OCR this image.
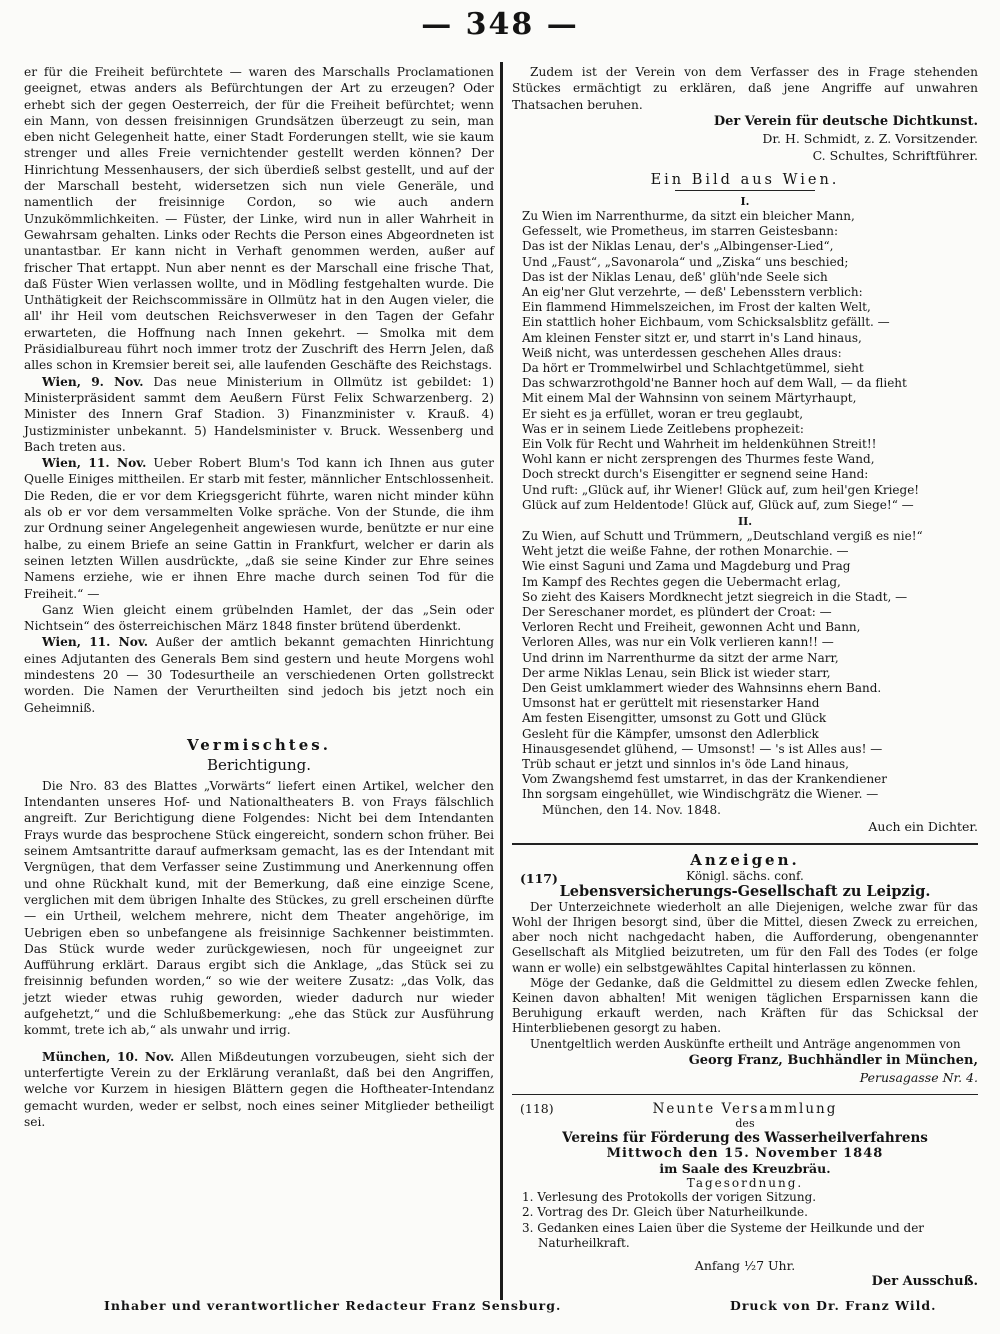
— 348 —

er für die Freiheit befürchtete — waren des Marschalls Proclamationen geeignet, etwas anders als Befürchtungen der Art zu erzeugen? Oder erhebt sich der gegen Oesterreich, der für die Freiheit befürchtet; wenn ein Mann, von dessen freisinnigen Grundsätzen überzeugt zu sein, man eben nicht Gelegenheit hatte, einer Stadt Forderungen stellt, wie sie kaum strenger und alles Freie vernichtender gestellt werden können? Der Hinrichtung Messenhausers, der sich überdieß selbst gestellt, und auf der der Marschall besteht, widersetzen sich nun viele Generäle, und namentlich der freisinnige Cordon, so wie auch andern Unzukömmlichkeiten. — Füster, der Linke, wird nun in aller Wahrheit in Gewahrsam gehalten. Links oder Rechts die Person eines Abgeordneten ist unantastbar. Er kann nicht in Verhaft genommen werden, außer auf frischer That ertappt. Nun aber nennt es der Marschall eine frische That, daß Füster Wien verlassen wollte, und in Mödling festgehalten wurde. Die Unthätigkeit der Reichscommissäre in Ollmütz hat in den Augen vieler, die all' ihr Heil vom deutschen Reichsverweser in den Tagen der Gefahr erwarteten, die Hoffnung nach Innen gekehrt. — Smolka mit dem Präsidialbureau führt noch immer trotz der Zuschrift des Herrn Jelen, daß alles schon in Kremsier bereit sei, alle laufenden Geschäfte des Reichstags.

Wien, 9. Nov. Das neue Ministerium in Ollmütz ist gebildet: 1) Ministerpräsident sammt dem Aeußern Fürst Felix Schwarzenberg. 2) Minister des Innern Graf Stadion. 3) Finanzminister v. Krauß. 4) Justizminister unbekannt. 5) Handelsminister v. Bruck. Wessenberg und Bach treten aus.

Wien, 11. Nov. Ueber Robert Blum's Tod kann ich Ihnen aus guter Quelle Einiges mittheilen. Er starb mit fester, männlicher Entschlossenheit. Die Reden, die er vor dem Kriegsgericht führte, waren nicht minder kühn als ob er vor dem versammelten Volke spräche. Von der Stunde, die ihm zur Ordnung seiner Angelegenheit angewiesen wurde, benützte er nur eine halbe, zu einem Briefe an seine Gattin in Frankfurt, welcher er darin als seinen letzten Willen ausdrückte, „daß sie seine Kinder zur Ehre seines Namens erziehe, wie er ihnen Ehre mache durch seinen Tod für die Freiheit.“ —

Ganz Wien gleicht einem grübelnden Hamlet, der das „Sein oder Nichtsein“ des österreichischen März 1848 finster brütend überdenkt.

Wien, 11. Nov. Außer der amtlich bekannt gemachten Hinrichtung eines Adjutanten des Generals Bem sind gestern und heute Morgens wohl mindestens 20 — 30 Todesurtheile an verschiedenen Orten gollstreckt worden. Die Namen der Verurtheilten sind jedoch bis jetzt noch ein Geheimniß.

Vermischtes.
Berichtigung.

Die Nro. 83 des Blattes „Vorwärts“ liefert einen Artikel, welcher den Intendanten unseres Hof- und Nationaltheaters B. von Frays fälschlich angreift. Zur Berichtigung diene Folgendes: Nicht bei dem Intendanten Frays wurde das besprochene Stück eingereicht, sondern schon früher. Bei seinem Amtsantritte darauf aufmerksam gemacht, las es der Intendant mit Vergnügen, that dem Verfasser seine Zustimmung und Anerkennung offen und ohne Rückhalt kund, mit der Bemerkung, daß eine einzige Scene, verglichen mit dem übrigen Inhalte des Stückes, zu grell erscheinen dürfte — ein Urtheil, welchem mehrere, nicht dem Theater angehörige, im Uebrigen eben so unbefangene als freisinnige Sachkenner beistimmten. Das Stück wurde weder zurückgewiesen, noch für ungeeignet zur Aufführung erklärt. Daraus ergibt sich die Anklage, „das Stück sei zu freisinnig befunden worden,“ so wie der weitere Zusatz: „das Volk, das jetzt wieder etwas ruhig geworden, wieder dadurch nur wieder aufgehetzt,“ und die Schlußbemerkung: „ehe das Stück zur Ausführung kommt, trete ich ab,“ als unwahr und irrig.

München, 10. Nov. Allen Mißdeutungen vorzubeugen, sieht sich der unterfertigte Verein zu der Erklärung veranlaßt, daß bei den Angriffen, welche vor Kurzem in hiesigen Blättern gegen die Hoftheater-Intendanz gemacht wurden, weder er selbst, noch eines seiner Mitglieder betheiligt sei.

Zudem ist der Verein von dem Verfasser des in Frage stehenden Stückes ermächtigt zu erklären, daß jene Angriffe auf unwahren Thatsachen beruhen.

Der Verein für deutsche Dichtkunst.
Dr. H. Schmidt, z. Z. Vorsitzender.
C. Schultes, Schriftführer.
Ein Bild aus Wien.
I.
Zu Wien im Narrenthurme, da sitzt ein bleicher Mann,
Gefesselt, wie Prometheus, im starren Geistesbann:
Das ist der Niklas Lenau, der's „Albingenser-Lied“,
Und „Faust“, „Savonarola“ und „Ziska“ uns beschied;
Das ist der Niklas Lenau, deß' glüh'nde Seele sich
An eig'ner Glut verzehrte, — deß' Lebensstern verblich:
Ein flammend Himmelszeichen, im Frost der kalten Welt,
Ein stattlich hoher Eichbaum, vom Schicksalsblitz gefällt. —
Am kleinen Fenster sitzt er, und starrt in's Land hinaus,
Weiß nicht, was unterdessen geschehen Alles draus:
Da hört er Trommelwirbel und Schlachtgetümmel, sieht
Das schwarzrothgold'ne Banner hoch auf dem Wall, — da flieht
Mit einem Mal der Wahnsinn von seinem Märtyrhaupt,
Er sieht es ja erfüllet, woran er treu geglaubt,
Was er in seinem Liede Zeitlebens prophezeit:
Ein Volk für Recht und Wahrheit im heldenkühnen Streit!!
Wohl kann er nicht zersprengen des Thurmes feste Wand,
Doch streckt durch's Eisengitter er segnend seine Hand:
Und ruft: „Glück auf, ihr Wiener! Glück auf, zum heil'gen Kriege!
Glück auf zum Heldentode! Glück auf, Glück auf, zum Siege!“ —
II.
Zu Wien, auf Schutt und Trümmern, „Deutschland vergiß es nie!“
Weht jetzt die weiße Fahne, der rothen Monarchie. —
Wie einst Saguni und Zama und Magdeburg und Prag
Im Kampf des Rechtes gegen die Uebermacht erlag,
So zieht des Kaisers Mordknecht jetzt siegreich in die Stadt, —
Der Sereschaner mordet, es plündert der Croat: —
Verloren Recht und Freiheit, gewonnen Acht und Bann,
Verloren Alles, was nur ein Volk verlieren kann!! —
Und drinn im Narrenthurme da sitzt der arme Narr,
Der arme Niklas Lenau, sein Blick ist wieder starr,
Den Geist umklammert wieder des Wahnsinns ehern Band.
Umsonst hat er gerüttelt mit riesenstarker Hand
Am festen Eisengitter, umsonst zu Gott und Glück
Gesleht für die Kämpfer, umsonst den Adlerblick
Hinausgesendet glühend, — Umsonst! — 's ist Alles aus! —
Trüb schaut er jetzt und sinnlos in's öde Land hinaus,
Vom Zwangshemd fest umstarret, in das der Krankendiener
Ihn sorgsam eingehüllet, wie Windischgrätz die Wiener. —
München, den 14. Nov. 1848.
Auch ein Dichter.
Anzeigen.
(117)	Königl. sächs. conf.
Lebensversicherungs-Gesellschaft zu Leipzig.

Der Unterzeichnete wiederholt an alle Diejenigen, welche zwar für das Wohl der Ihrigen besorgt sind, über die Mittel, diesen Zweck zu erreichen, aber noch nicht nachgedacht haben, die Aufforderung, obengenannter Gesellschaft als Mitglied beizutreten, um für den Fall des Todes (er folge wann er wolle) ein selbstgewähltes Capital hinterlassen zu können.

Möge der Gedanke, daß die Geldmittel zu diesem edlen Zwecke fehlen, Keinen davon abhalten! Mit wenigen täglichen Ersparnissen kann die Beruhigung erkauft werden, nach Kräften für das Schicksal der Hinterbliebenen gesorgt zu haben.

Unentgeltlich werden Auskünfte ertheilt und Anträge angenommen von

Georg Franz, Buchhändler in München,
Perusagasse Nr. 4.
(118)	Neunte Versammlung
des
Vereins für Förderung des Wasserheilverfahrens
Mittwoch den 15. November 1848
im Saale des Kreuzbräu.
Tagesordnung.
1. Verlesung des Protokolls der vorigen Sitzung.
2. Vortrag des Dr. Gleich über Naturheilkunde.
3. Gedanken eines Laien über die Systeme der Heilkunde und der Naturheilkraft.
Anfang ½7 Uhr.
Der Ausschuß.
Inhaber und verantwortlicher Redacteur Franz Sensburg.	Druck von Dr. Franz Wild.
